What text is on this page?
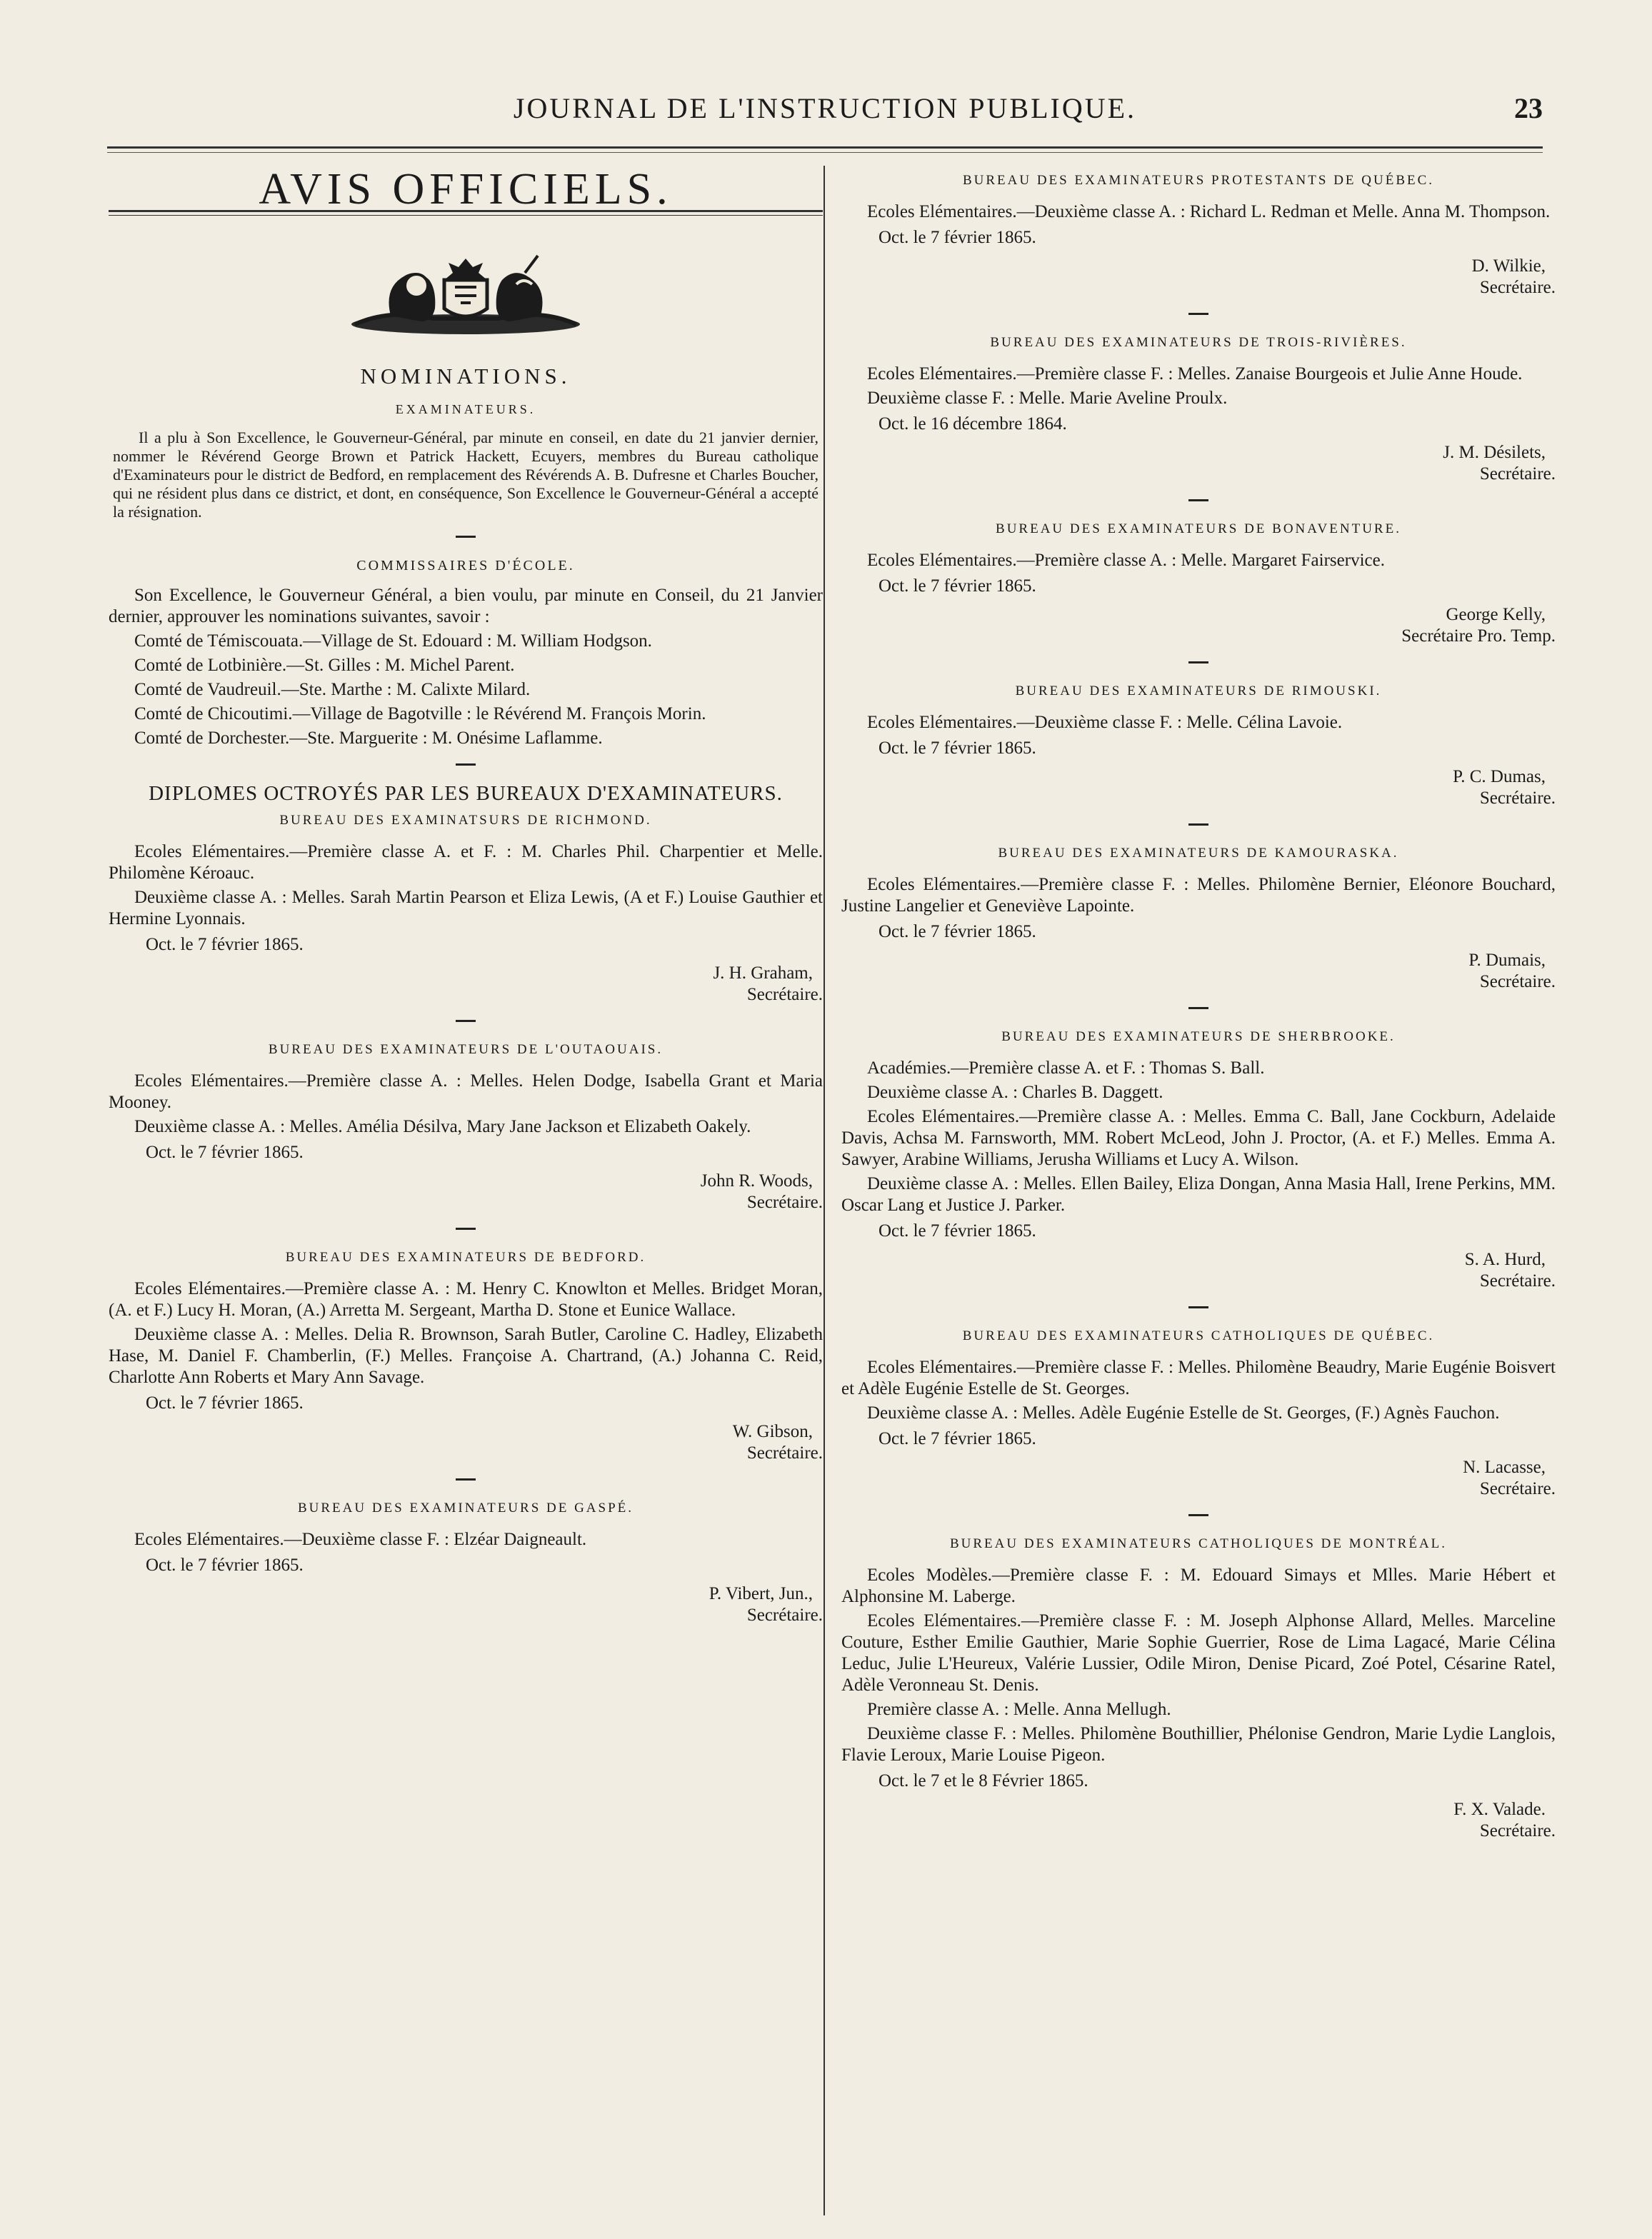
JOURNAL DE L'INSTRUCTION PUBLIQUE.	23
AVIS OFFICIELS.
NOMINATIONS.
EXAMINATEURS.

Il a plu à Son Excellence, le Gouverneur-Général, par minute en conseil, en date du 21 janvier dernier, nommer le Révérend George Brown et Patrick Hackett, Ecuyers, membres du Bureau catholique d'Examinateurs pour le district de Bedford, en remplacement des Révérends A. B. Dufresne et Charles Boucher, qui ne résident plus dans ce district, et dont, en conséquence, Son Excellence le Gouverneur-Général a accepté la résignation.

COMMISSAIRES D'ÉCOLE.

Son Excellence, le Gouverneur Général, a bien voulu, par minute en Conseil, du 21 Janvier dernier, approuver les nominations suivantes, savoir :

Comté de Témiscouata.—Village de St. Edouard : M. William Hodgson.

Comté de Lotbinière.—St. Gilles : M. Michel Parent.

Comté de Vaudreuil.—Ste. Marthe : M. Calixte Milard.

Comté de Chicoutimi.—Village de Bagotville : le Révérend M. François Morin.

Comté de Dorchester.—Ste. Marguerite : M. Onésime Laflamme.

DIPLOMES OCTROYÉS PAR LES BUREAUX D'EXAMINATEURS.
BUREAU DES EXAMINATSURS DE RICHMOND.

Ecoles Elémentaires.—Première classe A. et F. : M. Charles Phil. Charpentier et Melle. Philomène Kéroauc.

Deuxième classe A. : Melles. Sarah Martin Pearson et Eliza Lewis, (A et F.) Louise Gauthier et Hermine Lyonnais.

Oct. le 7 février 1865.
J. H. Graham,
Secrétaire.
BUREAU DES EXAMINATEURS DE L'OUTAOUAIS.

Ecoles Elémentaires.—Première classe A. : Melles. Helen Dodge, Isabella Grant et Maria Mooney.

Deuxième classe A. : Melles. Amélia Désilva, Mary Jane Jackson et Elizabeth Oakely.

Oct. le 7 février 1865.
John R. Woods,
Secrétaire.
BUREAU DES EXAMINATEURS DE BEDFORD.

Ecoles Elémentaires.—Première classe A. : M. Henry C. Knowlton et Melles. Bridget Moran, (A. et F.) Lucy H. Moran, (A.) Arretta M. Sergeant, Martha D. Stone et Eunice Wallace.

Deuxième classe A. : Melles. Delia R. Brownson, Sarah Butler, Caroline C. Hadley, Elizabeth Hase, M. Daniel F. Chamberlin, (F.) Melles. Françoise A. Chartrand, (A.) Johanna C. Reid, Charlotte Ann Roberts et Mary Ann Savage.

Oct. le 7 février 1865.
W. Gibson,
Secrétaire.
BUREAU DES EXAMINATEURS DE GASPÉ.

Ecoles Elémentaires.—Deuxième classe F. : Elzéar Daigneault.

Oct. le 7 février 1865.
P. Vibert, Jun.,
Secrétaire.
BUREAU DES EXAMINATEURS PROTESTANTS DE QUÉBEC.

Ecoles Elémentaires.—Deuxième classe A. : Richard L. Redman et Melle. Anna M. Thompson.

Oct. le 7 février 1865.
D. Wilkie,
Secrétaire.
BUREAU DES EXAMINATEURS DE TROIS-RIVIÈRES.

Ecoles Elémentaires.—Première classe F. : Melles. Zanaise Bourgeois et Julie Anne Houde.

Deuxième classe F. : Melle. Marie Aveline Proulx.

Oct. le 16 décembre 1864.
J. M. Désilets,
Secrétaire.
BUREAU DES EXAMINATEURS DE BONAVENTURE.

Ecoles Elémentaires.—Première classe A. : Melle. Margaret Fairservice.

Oct. le 7 février 1865.
George Kelly,
Secrétaire Pro. Temp.
BUREAU DES EXAMINATEURS DE RIMOUSKI.

Ecoles Elémentaires.—Deuxième classe F. : Melle. Célina Lavoie.

Oct. le 7 février 1865.
P. C. Dumas,
Secrétaire.
BUREAU DES EXAMINATEURS DE KAMOURASKA.

Ecoles Elémentaires.—Première classe F. : Melles. Philomène Bernier, Eléonore Bouchard, Justine Langelier et Geneviève Lapointe.

Oct. le 7 février 1865.
P. Dumais,
Secrétaire.
BUREAU DES EXAMINATEURS DE SHERBROOKE.

Académies.—Première classe A. et F. : Thomas S. Ball.

Deuxième classe A. : Charles B. Daggett.

Ecoles Elémentaires.—Première classe A. : Melles. Emma C. Ball, Jane Cockburn, Adelaide Davis, Achsa M. Farnsworth, MM. Robert McLeod, John J. Proctor, (A. et F.) Melles. Emma A. Sawyer, Arabine Williams, Jerusha Williams et Lucy A. Wilson.

Deuxième classe A. : Melles. Ellen Bailey, Eliza Dongan, Anna Masia Hall, Irene Perkins, MM. Oscar Lang et Justice J. Parker.

Oct. le 7 février 1865.
S. A. Hurd,
Secrétaire.
BUREAU DES EXAMINATEURS CATHOLIQUES DE QUÉBEC.

Ecoles Elémentaires.—Première classe F. : Melles. Philomène Beaudry, Marie Eugénie Boisvert et Adèle Eugénie Estelle de St. Georges.

Deuxième classe A. : Melles. Adèle Eugénie Estelle de St. Georges, (F.) Agnès Fauchon.

Oct. le 7 février 1865.
N. Lacasse,
Secrétaire.
BUREAU DES EXAMINATEURS CATHOLIQUES DE MONTRÉAL.

Ecoles Modèles.—Première classe F. : M. Edouard Simays et Mlles. Marie Hébert et Alphonsine M. Laberge.

Ecoles Elémentaires.—Première classe F. : M. Joseph Alphonse Allard, Melles. Marceline Couture, Esther Emilie Gauthier, Marie Sophie Guerrier, Rose de Lima Lagacé, Marie Célina Leduc, Julie L'Heureux, Valérie Lussier, Odile Miron, Denise Picard, Zoé Potel, Césarine Ratel, Adèle Veronneau St. Denis.

Première classe A. : Melle. Anna Mellugh.

Deuxième classe F. : Melles. Philomène Bouthillier, Phélonise Gendron, Marie Lydie Langlois, Flavie Leroux, Marie Louise Pigeon.

Oct. le 7 et le 8 Février 1865.
F. X. Valade.
Secrétaire.
